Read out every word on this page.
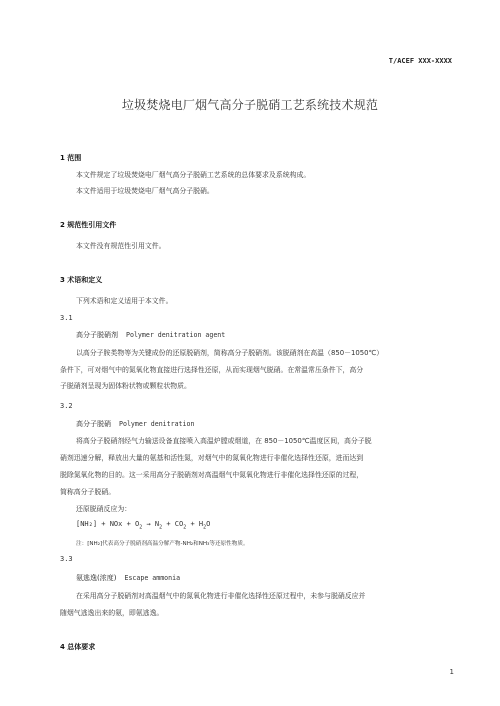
T/ACEF XXX-XXXX
垃圾焚烧电厂烟气高分子脱硝工艺系统技术规范
1 范围
本文件规定了垃圾焚烧电厂烟气高分子脱硝工艺系统的总体要求及系统构成。
本文件适用于垃圾焚烧电厂烟气高分子脱硝。
2 规范性引用文件
本文件没有规范性引用文件。
3 术语和定义
下列术语和定义适用于本文件。
3.1
高分子脱硝剂 Polymer denitration agent
以高分子胺类物等为关键成份的还原脱硝剂，简称高分子脱硝剂。该脱硝剂在高温（850－1050℃）
条件下，可对烟气中的氮氧化物直接进行选择性还原，从而实现烟气脱硝。在常温常压条件下，高分
子脱硝剂呈现为固体粉状物或颗粒状物质。
3.2
高分子脱硝 Polymer denitration
将高分子脱硝剂经气力输送设备直接喷入高温炉膛或烟道，在 850－1050℃温度区间，高分子脱
硝剂迅速分解，释放出大量的氨基和活性氮，对烟气中的氮氧化物进行非催化选择性还原，进而达到
脱除氮氧化物的目的。这一采用高分子脱硝剂对高温烟气中氮氧化物进行非催化选择性还原的过程，
简称高分子脱硝。
还原脱硝反应为：
[NH₂] + NOx + $O_2 \to N_2 + CO_2 + H_2O$
注：[NH₂]代表高分子脱硝剂高温分解产物-NH₂和NH₃等还原性物质。
3.3
氨逃逸(浓度) Escape ammonia
在采用高分子脱硝剂对高温烟气中的氮氧化物进行非催化选择性还原过程中，未参与脱硝反应并
随烟气逃逸出来的氨，即氨逃逸。
4 总体要求
1
